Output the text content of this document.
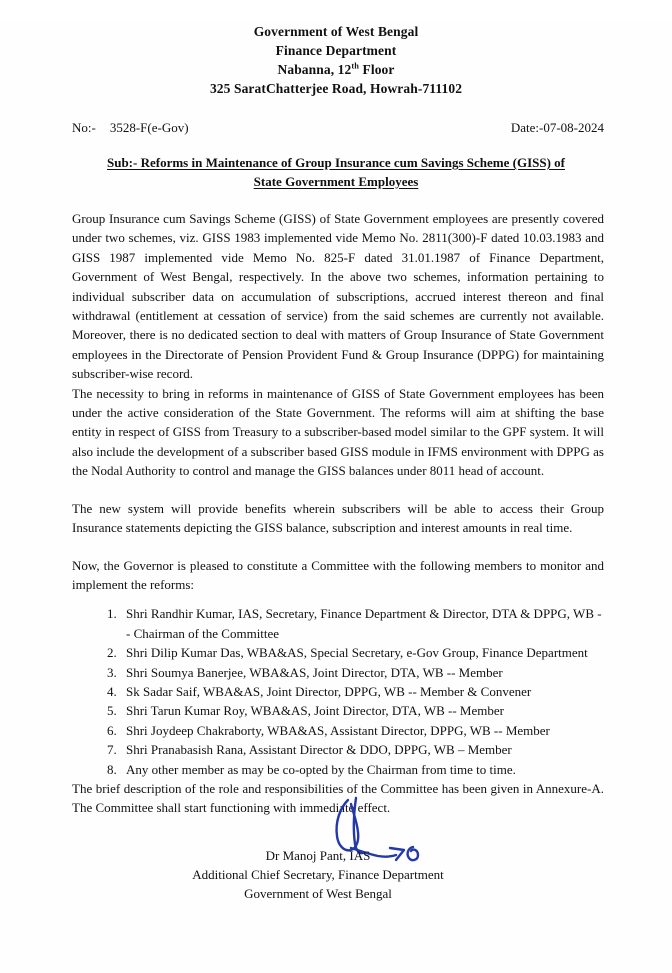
Government of West Bengal
Finance Department
Nabanna, 12th Floor
325 SaratChatterjee Road, Howrah-711102
No:- 3528-F(e-Gov)	Date:-07-08-2024
Sub:- Reforms in Maintenance of Group Insurance cum Savings Scheme (GISS) of
State Government Employees

Group Insurance cum Savings Scheme (GISS) of State Government employees are presently covered under two schemes, viz. GISS 1983 implemented vide Memo No. 2811(300)-F dated 10.03.1983 and GISS 1987 implemented vide Memo No. 825-F dated 31.01.1987 of Finance Department, Government of West Bengal, respectively. In the above two schemes, information pertaining to individual subscriber data on accumulation of subscriptions, accrued interest thereon and final withdrawal (entitlement at cessation of service) from the said schemes are currently not available. Moreover, there is no dedicated section to deal with matters of Group Insurance of State Government employees in the Directorate of Pension Provident Fund & Group Insurance (DPPG) for maintaining subscriber-wise record.

The necessity to bring in reforms in maintenance of GISS of State Government employees has been under the active consideration of the State Government. The reforms will aim at shifting the base entity in respect of GISS from Treasury to a subscriber-based model similar to the GPF system. It will also include the development of a subscriber based GISS module in IFMS environment with DPPG as the Nodal Authority to control and manage the GISS balances under 8011 head of account.

The new system will provide benefits wherein subscribers will be able to access their Group Insurance statements depicting the GISS balance, subscription and interest amounts in real time.

Now, the Governor is pleased to constitute a Committee with the following members to monitor and implement the reforms:

1. Shri Randhir Kumar, IAS, Secretary, Finance Department & Director, DTA & DPPG, WB -- Chairman of the Committee
2. Shri Dilip Kumar Das, WBA&AS, Special Secretary, e-Gov Group, Finance Department
3. Shri Soumya Banerjee, WBA&AS, Joint Director, DTA, WB -- Member
4. Sk Sadar Saif, WBA&AS, Joint Director, DPPG, WB -- Member & Convener
5. Shri Tarun Kumar Roy, WBA&AS, Joint Director, DTA, WB -- Member
6. Shri Joydeep Chakraborty, WBA&AS, Assistant Director, DPPG, WB -- Member
7. Shri Pranabasish Rana, Assistant Director & DDO, DPPG, WB – Member
8. Any other member as may be co-opted by the Chairman from time to time.

The brief description of the role and responsibilities of the Committee has been given in Annexure-A. The Committee shall start functioning with immediate effect.

Dr Manoj Pant, IAS
Additional Chief Secretary, Finance Department
Government of West Bengal
